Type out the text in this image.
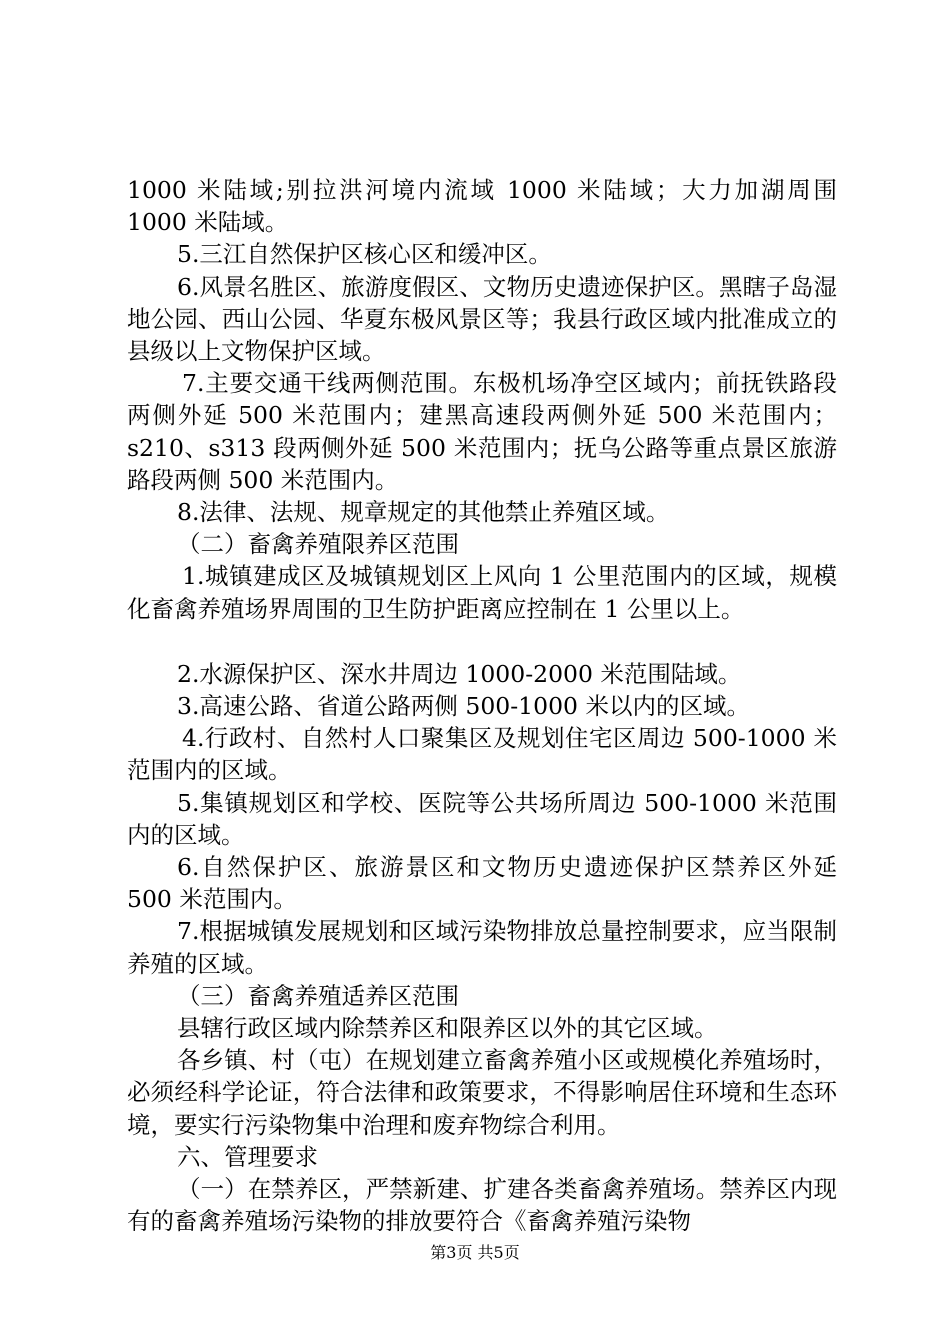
1000 米陆域;别拉洪河境内流域 1000 米陆域；大力加湖周围 1000 米陆域。

5.三江自然保护区核心区和缓冲区。

6.风景名胜区、旅游度假区、文物历史遗迹保护区。黑瞎子岛湿地公园、西山公园、华夏东极风景区等；我县行政区域内批准成立的县级以上文物保护区域。

7.主要交通干线两侧范围。东极机场净空区域内；前抚铁路段两侧外延 500 米范围内；建黑高速段两侧外延 500 米范围内；s210、s313 段两侧外延 500 米范围内；抚乌公路等重点景区旅游路段两侧 500 米范围内。

8.法律、法规、规章规定的其他禁止养殖区域。

（二）畜禽养殖限养区范围

1.城镇建成区及城镇规划区上风向 1 公里范围内的区域，规模化畜禽养殖场界周围的卫生防护距离应控制在 1 公里以上。

2.水源保护区、深水井周边 1000-2000 米范围陆域。

3.高速公路、省道公路两侧 500-1000 米以内的区域。

4.行政村、自然村人口聚集区及规划住宅区周边 500-1000 米范围内的区域。

5.集镇规划区和学校、医院等公共场所周边 500-1000 米范围内的区域。

6.自然保护区、旅游景区和文物历史遗迹保护区禁养区外延 500 米范围内。

7.根据城镇发展规划和区域污染物排放总量控制要求，应当限制养殖的区域。

（三）畜禽养殖适养区范围

县辖行政区域内除禁养区和限养区以外的其它区域。

各乡镇、村（屯）在规划建立畜禽养殖小区或规模化养殖场时，必须经科学论证，符合法律和政策要求，不得影响居住环境和生态环境，要实行污染物集中治理和废弃物综合利用。

六、管理要求

（一）在禁养区，严禁新建、扩建各类畜禽养殖场。禁养区内现有的畜禽养殖场污染物的排放要符合《畜禽养殖污染物

第3页 共5页
